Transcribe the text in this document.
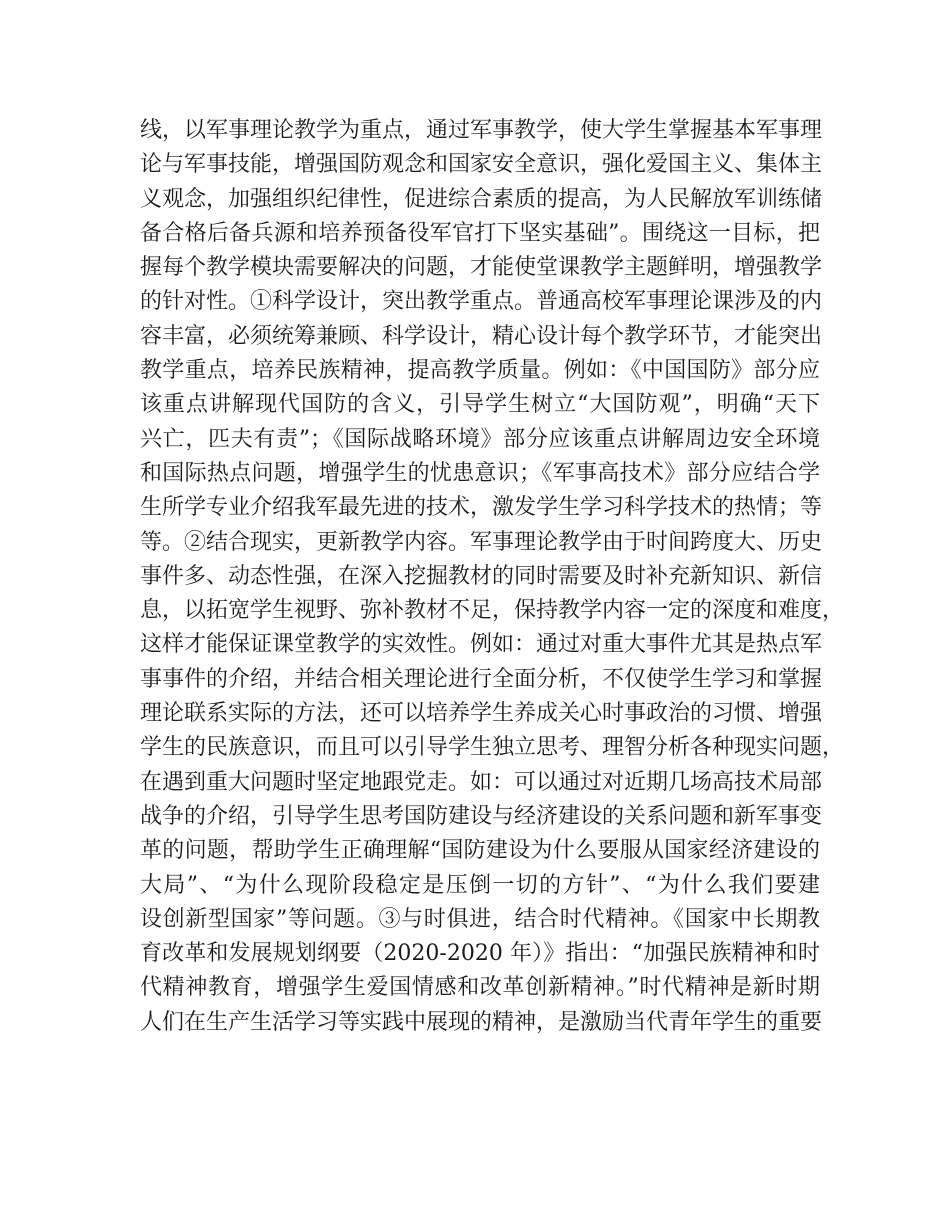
线，以军事理论教学为重点，通过军事教学，使大学生掌握基本军事理
论与军事技能，增强国防观念和国家安全意识，强化爱国主义、集体主
义观念，加强组织纪律性，促进综合素质的提高，为人民解放军训练储
备合格后备兵源和培养预备役军官打下坚实基础”。围绕这一目标，把
握每个教学模块需要解决的问题，才能使堂课教学主题鲜明，增强教学
的针对性。①科学设计，突出教学重点。普通高校军事理论课涉及的内
容丰富，必须统筹兼顾、科学设计，精心设计每个教学环节，才能突出
教学重点，培养民族精神，提高教学质量。例如：《中国国防》部分应
该重点讲解现代国防的含义，引导学生树立“大国防观”，明确“天下
兴亡，匹夫有责”；《国际战略环境》部分应该重点讲解周边安全环境
和国际热点问题，增强学生的忧患意识；《军事高技术》部分应结合学
生所学专业介绍我军最先进的技术，激发学生学习科学技术的热情；等
等。②结合现实，更新教学内容。军事理论教学由于时间跨度大、历史
事件多、动态性强，在深入挖掘教材的同时需要及时补充新知识、新信
息，以拓宽学生视野、弥补教材不足，保持教学内容一定的深度和难度，
这样才能保证课堂教学的实效性。例如：通过对重大事件尤其是热点军
事事件的介绍，并结合相关理论进行全面分析，不仅使学生学习和掌握
理论联系实际的方法，还可以培养学生养成关心时事政治的习惯、增强
学生的民族意识，而且可以引导学生独立思考、理智分析各种现实问题，
在遇到重大问题时坚定地跟党走。如：可以通过对近期几场高技术局部
战争的介绍，引导学生思考国防建设与经济建设的关系问题和新军事变
革的问题，帮助学生正确理解“国防建设为什么要服从国家经济建设的
大局”、“为什么现阶段稳定是压倒一切的方针”、“为什么我们要建
设创新型国家”等问题。③与时俱进，结合时代精神。《国家中长期教
育改革和发展规划纲要（2020-2020 年）》指出：“加强民族精神和时
代精神教育，增强学生爱国情感和改革创新精神。”时代精神是新时期
人们在生产生活学习等实践中展现的精神，是激励当代青年学生的重要
